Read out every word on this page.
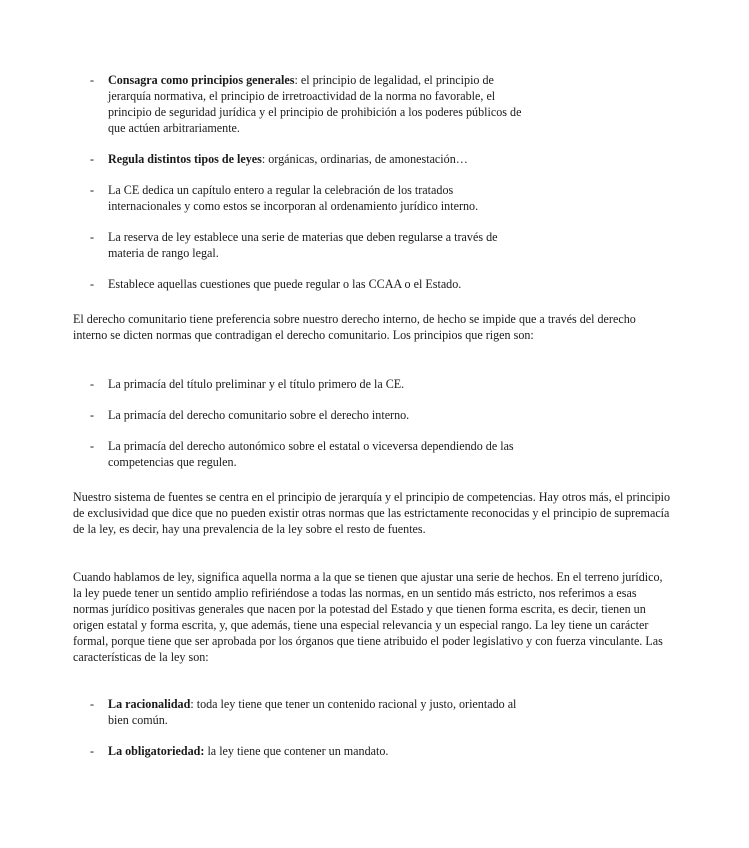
- Consagra como principios generales: el principio de legalidad, el principio de jerarquía normativa, el principio de irretroactividad de la norma no favorable, el principio de seguridad jurídica y el principio de prohibición a los poderes públicos de que actúen arbitrariamente.
- Regula distintos tipos de leyes: orgánicas, ordinarias, de amonestación…
- La CE dedica un capítulo entero a regular la celebración de los tratados internacionales y como estos se incorporan al ordenamiento jurídico interno.
- La reserva de ley establece una serie de materias que deben regularse a través de materia de rango legal.
- Establece aquellas cuestiones que puede regular o las CCAA o el Estado.

El derecho comunitario tiene preferencia sobre nuestro derecho interno, de hecho se impide que a través del derecho interno se dicten normas que contradigan el derecho comunitario. Los principios que rigen son:

- La primacía del título preliminar y el título primero de la CE.
- La primacía del derecho comunitario sobre el derecho interno.
- La primacía del derecho autonómico sobre el estatal o viceversa dependiendo de las competencias que regulen.

Nuestro sistema de fuentes se centra en el principio de jerarquía y el principio de competencias. Hay otros más, el principio de exclusividad que dice que no pueden existir otras normas que las estrictamente reconocidas y el principio de supremacía de la ley, es decir, hay una prevalencia de la ley sobre el resto de fuentes.

Cuando hablamos de ley, significa aquella norma a la que se tienen que ajustar una serie de hechos. En el terreno jurídico, la ley puede tener un sentido amplio refiriéndose a todas las normas, en un sentido más estricto, nos referimos a esas normas jurídico positivas generales que nacen por la potestad del Estado y que tienen forma escrita, es decir, tienen un origen estatal y forma escrita, y, que además, tiene una especial relevancia y un especial rango. La ley tiene un carácter formal, porque tiene que ser aprobada por los órganos que tiene atribuido el poder legislativo y con fuerza vinculante. Las características de la ley son:

- La racionalidad: toda ley tiene que tener un contenido racional y justo, orientado al bien común.
- La obligatoriedad: la ley tiene que contener un mandato.
